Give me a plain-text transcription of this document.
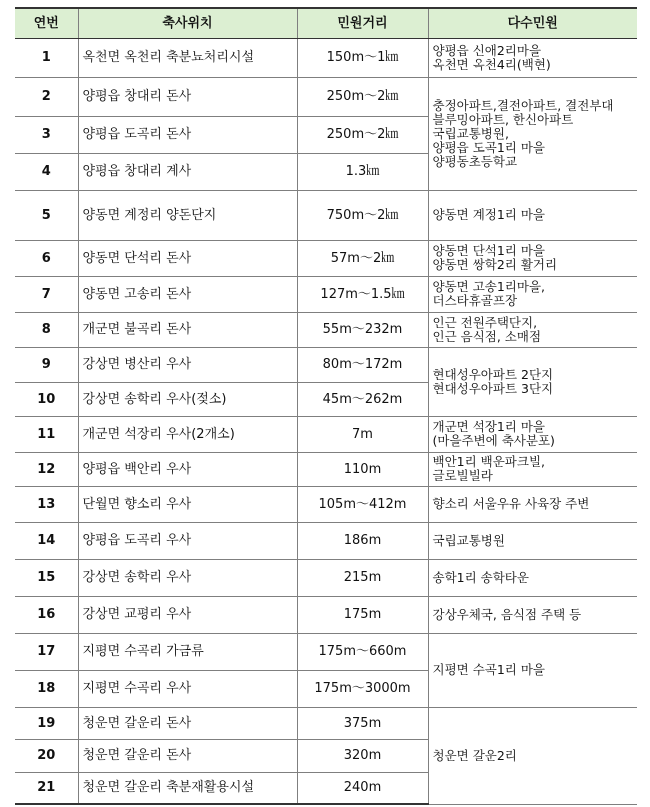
연번	축사위치	민원거리	다수민원
1	옥천면 옥천리 축분뇨처리시설	150m～1㎞	양평읍 신애2리마을
옥천면 옥천4리(백현)
2	양평읍 창대리 돈사	250m～2㎞	충정아파트,결전아파트, 결전부대
블루밍아파트, 한신아파트
국립교통병원,
양평읍 도곡1리 마을
양평동초등학교
3	양평읍 도곡리 돈사	250m～2㎞	
4	양평읍 창대리 계사	1.3㎞	
5	양동면 계정리 양돈단지	750m～2㎞	양동면 계정1리 마을
6	양동면 단석리 돈사	57m～2㎞	양동면 단석1리 마을
양동면 쌍학2리 활거리
7	양동면 고송리 돈사	127m～1.5㎞	양동면 고송1리마을,
더스타휴골프장
8	개군면 불곡리 돈사	55m～232m	인근 전원주택단지,
인근 음식점, 소매점
9	강상면 병산리 우사	80m～172m	현대성우아파트 2단지
현대성우아파트 3단지
10	강상면 송학리 우사(젖소)	45m～262m	
11	개군면 석장리 우사(2개소)	7m	개군면 석장1리 마을
(마을주변에 축사분포)
12	양평읍 백안리 우사	110m	백안1리 백운파크빌,
글로빌빌라
13	단월면 향소리 우사	105m～412m	향소리 서울우유 사육장 주변
14	양평읍 도곡리 우사	186m	국립교통병원
15	강상면 송학리 우사	215m	송학1리 송학타운
16	강상면 교평리 우사	175m	강상우체국, 음식점 주택 등
17	지평면 수곡리 가금류	175m～660m	지평면 수곡1리 마을
18	지평면 수곡리 우사	175m～3000m	
19	청운면 갈운리 돈사	375m	청운면 갈운2리
20	청운면 갈운리 돈사	320m	
21	청운면 갈운리 축분재활용시설	240m	
